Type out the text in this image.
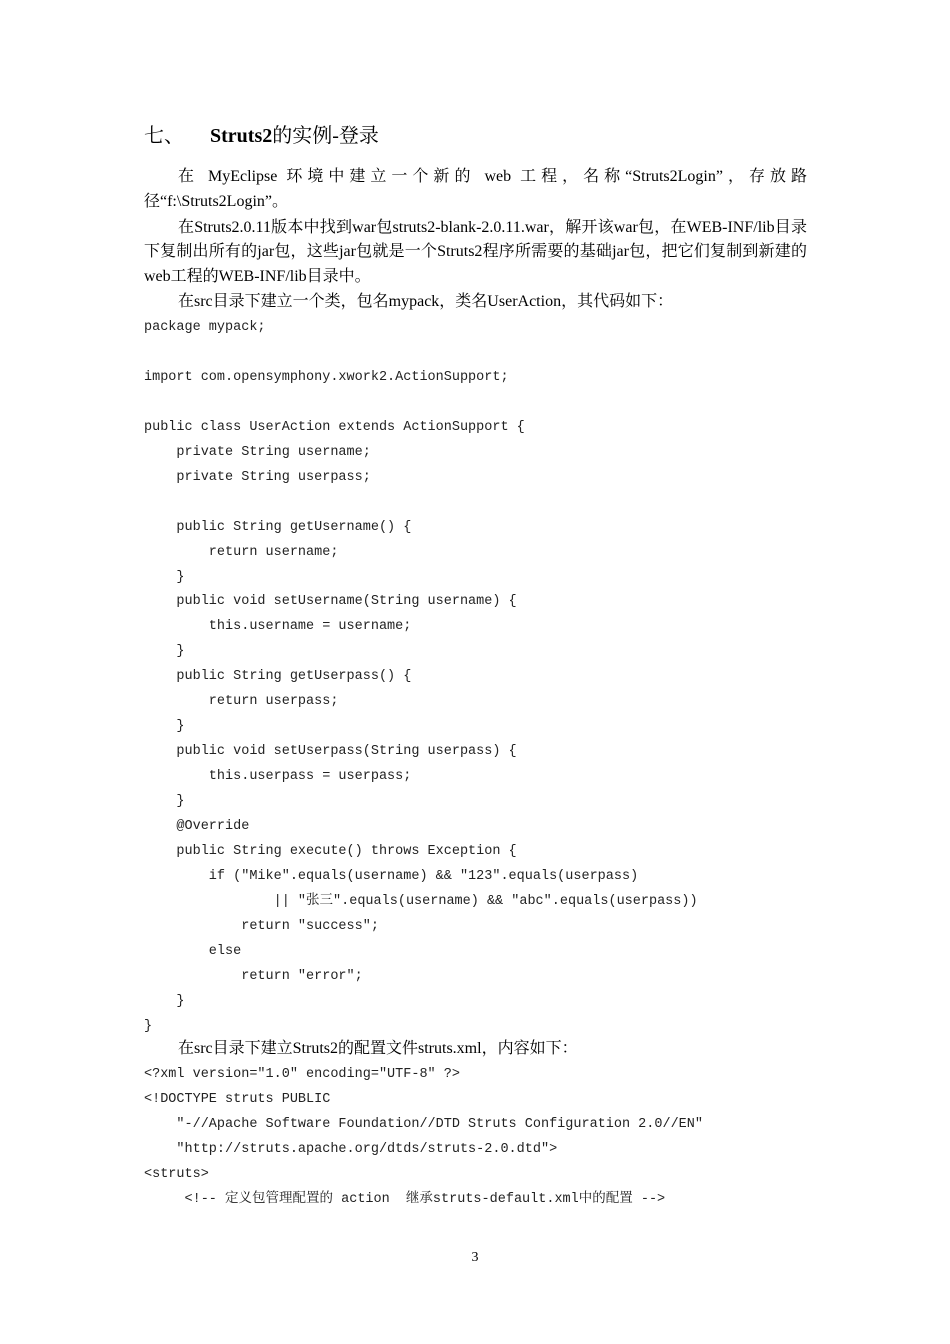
七、 Struts2的实例-登录

在 MyEclipse 环境中建立一个新的 web 工程，名称“Struts2Login”，存放路径“f:\Struts2Login”。

在Struts2.0.11版本中找到war包struts2-blank-2.0.11.war，解开该war包，在WEB-INF/lib目录下复制出所有的jar包，这些jar包就是一个Struts2程序所需要的基础jar包，把它们复制到新建的web工程的WEB-INF/lib目录中。

在src目录下建立一个类，包名mypack，类名UserAction，其代码如下：

package mypack;

import com.opensymphony.xwork2.ActionSupport;

public class UserAction extends ActionSupport {
private String username;
private String userpass;

public String getUsername() {
return username;
}
public void setUsername(String username) {
this.username = username;
}
public String getUserpass() {
return userpass;
}
public void setUserpass(String userpass) {
this.userpass = userpass;
}
@Override
public String execute() throws Exception {
if ("Mike".equals(username) && "123".equals(userpass)
|| "张三".equals(username) && "abc".equals(userpass))
return "success";
else
return "error";
}
}

在src目录下建立Struts2的配置文件struts.xml，内容如下：

<?xml version="1.0" encoding="UTF-8" ?>
<!DOCTYPE struts PUBLIC
"-//Apache Software Foundation//DTD Struts Configuration 2.0//EN"
"http://struts.apache.org/dtds/struts-2.0.dtd">
<struts>
<!-- 定义包管理配置的 action  继承struts-default.xml中的配置 -->
3
